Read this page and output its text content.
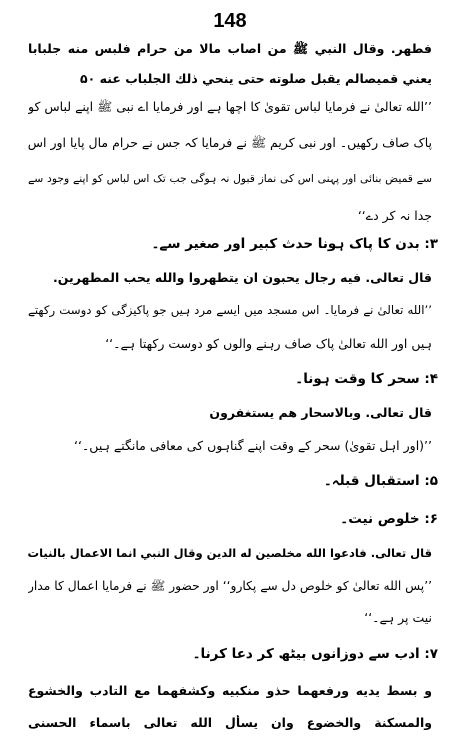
148
فطهر. وقال النبي ﷺ من اصاب مالا من حرام فلبس منه جلبابا
يعني قميصالم يقبل صلوته حتى ينحي ذلك الجلباب عنه ۵۰
’’الله تعالیٰ نے فرمایا لباس تقویٰ کا اچھا ہے اور فرمایا اے نبی ﷺ اپنے لباس کو
پاک صاف رکھیں۔ اور نبی کریم ﷺ نے فرمایا کہ جس نے حرام مال پایا اور اس
سے قمیض بنائی اور پہنی اس کی نماز قبول نہ ہوگی جب تک اس لباس کو اپنے وجود سے
جدا نہ کر دے‘‘
۳: بدن کا پاک ہونا حدث کبیر اور صغیر سے۔
قال تعالى. فيه رجال يحبون ان يتطهروا والله يحب المطهرين.
’’الله تعالیٰ نے فرمایا۔ اس مسجد میں ایسے مرد ہیں جو پاکیزگی کو دوست رکھتے
ہیں اور الله تعالیٰ پاک صاف رہنے والوں کو دوست رکھتا ہے۔‘‘
۴: سحر کا وقت ہونا۔
قال تعالى. وبالاسحار هم يستغفرون
’’(اور اہل تقویٰ) سحر کے وقت اپنے گناہوں کی معافی مانگتے ہیں۔‘‘
۵: استقبال قبلہ۔
۶: خلوص نیت۔
قال تعالى. فادعوا الله مخلصين له الدين وقال النبي انما الاعمال بالنيات
’’پس الله تعالیٰ کو خلوص دل سے پکارو‘‘ اور حضور ﷺ نے فرمایا اعمال کا مدار
نیت پر ہے۔‘‘
۷: ادب سے دوزانوں بیٹھ کر دعا کرنا۔
و بسط يديه ورفعهما حذو منكبيه وكشفهما مع التادب والخشوع
والمسكنة والخضوع وان يسأل الله تعالى باسماء الحسنى
